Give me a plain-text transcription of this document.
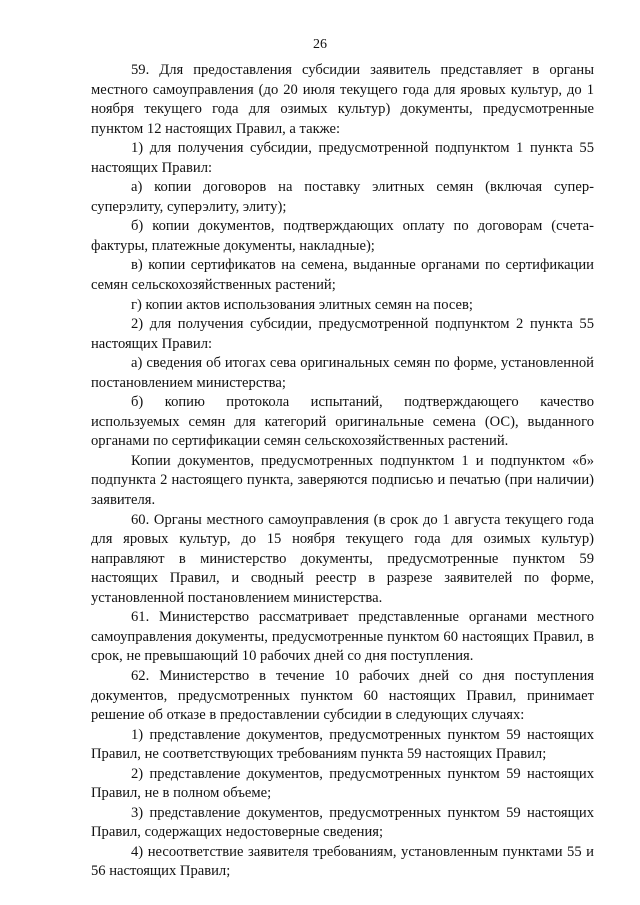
26

59. Для предоставления субсидии заявитель представляет в органы местного самоуправления (до 20 июля текущего года для яровых культур, до 1 ноября текущего года для озимых культур) документы, предусмотренные пунктом 12 настоящих Правил, а также:

1) для получения субсидии, предусмотренной подпунктом 1 пункта 55 настоящих Правил:

а) копии договоров на поставку элитных семян (включая супер-суперэлиту, суперэлиту, элиту);

б) копии документов, подтверждающих оплату по договорам (счета-фактуры, платежные документы, накладные);

в) копии сертификатов на семена, выданные органами по сертификации семян сельскохозяйственных растений;

г) копии актов использования элитных семян на посев;

2) для получения субсидии, предусмотренной подпунктом 2 пункта 55 настоящих Правил:

а) сведения об итогах сева оригинальных семян по форме, установленной постановлением министерства;

б) копию протокола испытаний, подтверждающего качество используемых семян для категорий оригинальные семена (ОС), выданного органами по сертификации семян сельскохозяйственных растений.

Копии документов, предусмотренных подпунктом 1 и подпунктом «б» подпункта 2 настоящего пункта, заверяются подписью и печатью (при наличии) заявителя.

60. Органы местного самоуправления (в срок до 1 августа текущего года для яровых культур, до 15 ноября текущего года для озимых культур) направляют в министерство документы, предусмотренные пунктом 59 настоящих Правил, и сводный реестр в разрезе заявителей по форме, установленной постановлением министерства.

61. Министерство рассматривает представленные органами местного самоуправления документы, предусмотренные пунктом 60 настоящих Правил, в срок, не превышающий 10 рабочих дней со дня поступления.

62. Министерство в течение 10 рабочих дней со дня поступления документов, предусмотренных пунктом 60 настоящих Правил, принимает решение об отказе в предоставлении субсидии в следующих случаях:

1) представление документов, предусмотренных пунктом 59 настоящих Правил, не соответствующих требованиям пункта 59 настоящих Правил;

2) представление документов, предусмотренных пунктом 59 настоящих Правил, не в полном объеме;

3) представление документов, предусмотренных пунктом 59 настоящих Правил, содержащих недостоверные сведения;

4) несоответствие заявителя требованиям, установленным пунктами 55 и 56 настоящих Правил;
